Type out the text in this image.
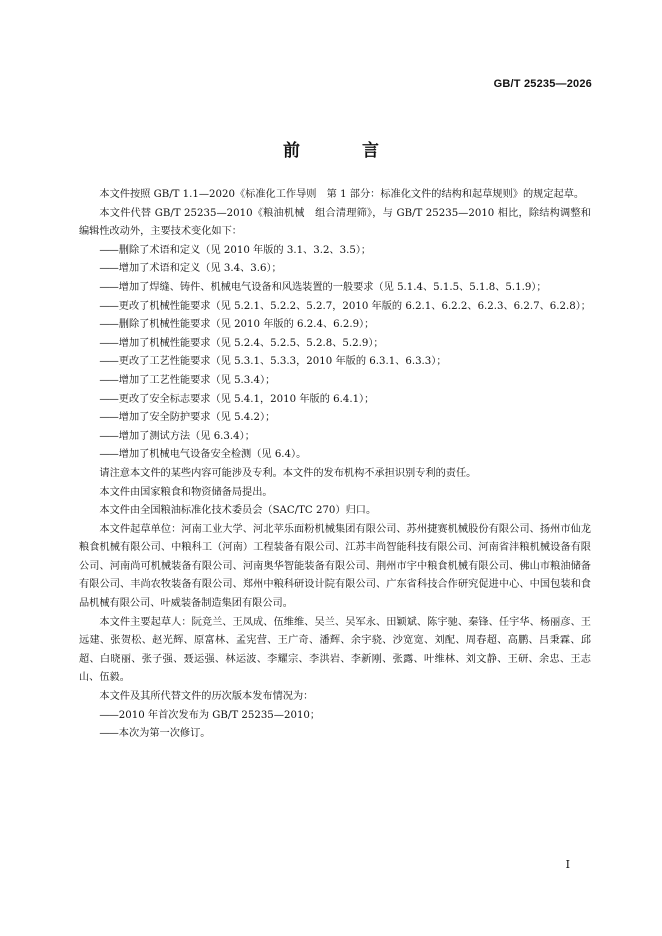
GB/T 25235—2026
前 言

本文件按照 GB/T 1.1—2020《标准化工作导则　第 1 部分：标准化文件的结构和起草规则》的规定起草。

本文件代替 GB/T 25235—2010《粮油机械　组合清理筛》，与 GB/T 25235—2010 相比，除结构调整和编辑性改动外，主要技术变化如下：

——删除了术语和定义（见 2010 年版的 3.1、3.2、3.5）；

——增加了术语和定义（见 3.4、3.6）；

——增加了焊缝、铸件、机械电气设备和风选装置的一般要求（见 5.1.4、5.1.5、5.1.8、5.1.9）；

——更改了机械性能要求（见 5.2.1、5.2.2、5.2.7，2010 年版的 6.2.1、6.2.2、6.2.3、6.2.7、6.2.8）；

——删除了机械性能要求（见 2010 年版的 6.2.4、6.2.9）；

——增加了机械性能要求（见 5.2.4、5.2.5、5.2.8、5.2.9）；

——更改了工艺性能要求（见 5.3.1、5.3.3，2010 年版的 6.3.1、6.3.3）；

——增加了工艺性能要求（见 5.3.4）；

——更改了安全标志要求（见 5.4.1，2010 年版的 6.4.1）；

——增加了安全防护要求（见 5.4.2）；

——增加了测试方法（见 6.3.4）；

——增加了机械电气设备安全检测（见 6.4）。

请注意本文件的某些内容可能涉及专利。本文件的发布机构不承担识别专利的责任。

本文件由国家粮食和物资储备局提出。

本文件由全国粮油标准化技术委员会（SAC/TC 270）归口。

本文件起草单位：河南工业大学、河北苹乐面粉机械集团有限公司、苏州捷赛机械股份有限公司、扬州市仙龙粮食机械有限公司、中粮科工（河南）工程装备有限公司、江苏丰尚智能科技有限公司、河南省沣粮机械设备有限公司、河南尚可机械装备有限公司、河南奥华智能装备有限公司、荆州市宇中粮食机械有限公司、佛山市粮油储备有限公司、丰尚农牧装备有限公司、郑州中粮科研设计院有限公司、广东省科技合作研究促进中心、中国包装和食品机械有限公司、叶威装备制造集团有限公司。

本文件主要起草人：阮竞兰、王凤成、伍维维、吴兰、吴军永、田颖斌、陈宇驰、秦锋、任宇华、杨丽彦、王远建、张贺松、赵光辉、原富林、孟宪营、王广奇、潘辉、余宇骁、沙宽宽、刘配、周春超、高鹏、吕秉霖、邱超、白晓丽、张子强、聂运强、林运波、李耀宗、李洪岩、李新刚、张露、叶维林、刘文静、王研、余忠、王志山、伍毅。

本文件及其所代替文件的历次版本发布情况为：

——2010 年首次发布为 GB/T 25235—2010；

——本次为第一次修订。

I
